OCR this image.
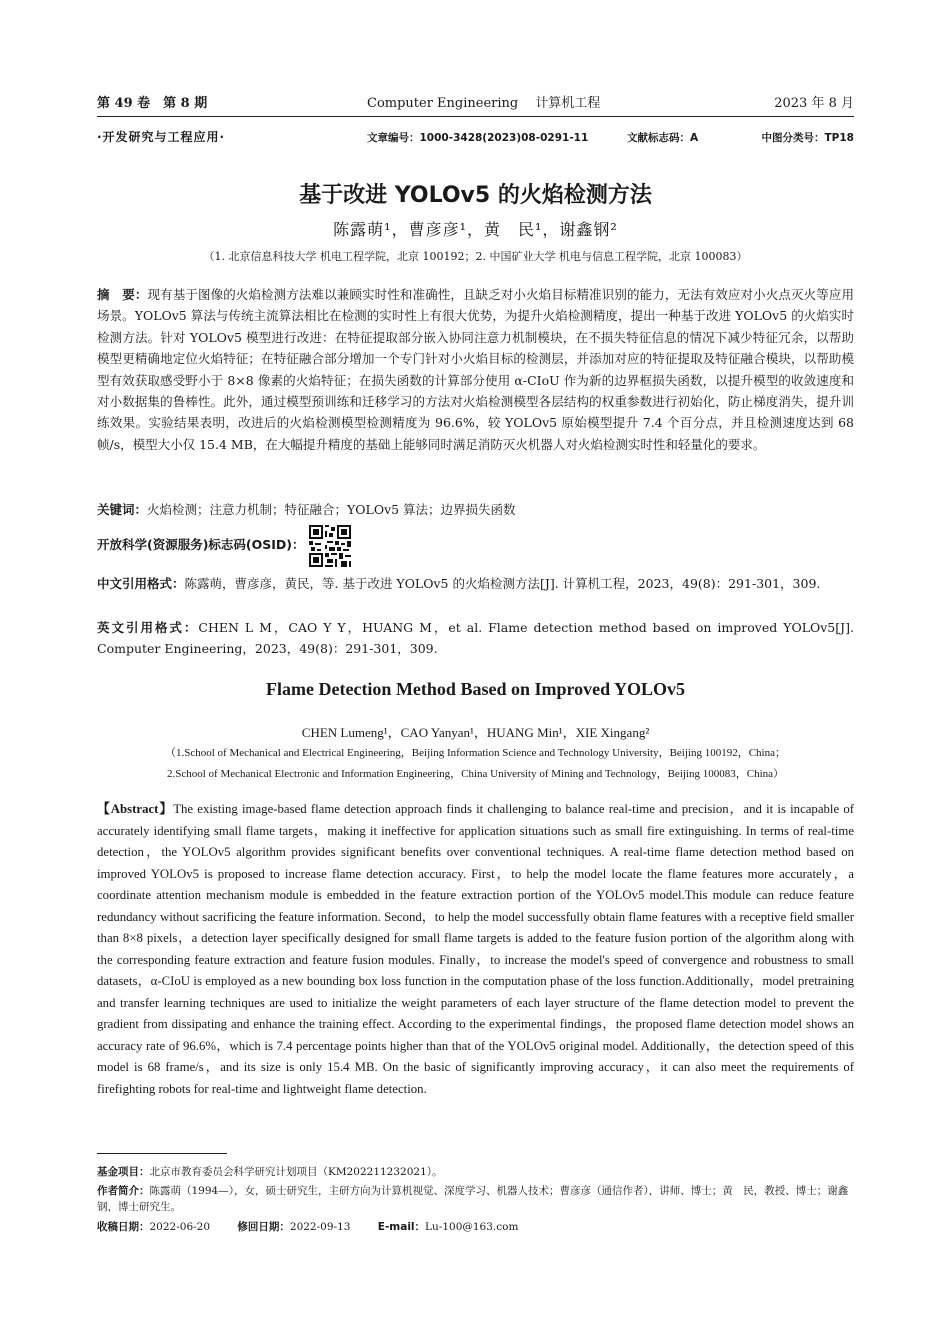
第 49 卷　第 8 期	Computer Engineering　 计算机工程	2023 年 8 月
·开发研究与工程应用·	文章编号：1000-3428(2023)08-0291-11	文献标志码：A	中图分类号：TP18
基于改进 YOLOv5 的火焰检测方法
陈露萌¹，曹彦彦¹，黄　民¹，谢鑫钢²
（1. 北京信息科技大学 机电工程学院，北京 100192；2. 中国矿业大学 机电与信息工程学院，北京 100083）
摘　要：现有基于图像的火焰检测方法难以兼顾实时性和准确性，且缺乏对小火焰目标精准识别的能力，无法有效应对小火点灭火等应用场景。YOLOv5 算法与传统主流算法相比在检测的实时性上有很大优势，为提升火焰检测精度，提出一种基于改进 YOLOv5 的火焰实时检测方法。针对 YOLOv5 模型进行改进：在特征提取部分嵌入协同注意力机制模块，在不损失特征信息的情况下减少特征冗余，以帮助模型更精确地定位火焰特征；在特征融合部分增加一个专门针对小火焰目标的检测层，并添加对应的特征提取及特征融合模块，以帮助模型有效获取感受野小于 8×8 像素的火焰特征；在损失函数的计算部分使用 α-CIoU 作为新的边界框损失函数，以提升模型的收敛速度和对小数据集的鲁棒性。此外，通过模型预训练和迁移学习的方法对火焰检测模型各层结构的权重参数进行初始化，防止梯度消失，提升训练效果。实验结果表明，改进后的火焰检测模型检测精度为 96.6%，较 YOLOv5 原始模型提升 7.4 个百分点，并且检测速度达到 68 帧/s，模型大小仅 15.4 MB，在大幅提升精度的基础上能够同时满足消防灭火机器人对火焰检测实时性和轻量化的要求。
关键词：火焰检测；注意力机制；特征融合；YOLOv5 算法；边界损失函数
开放科学(资源服务)标志码(OSID)：
中文引用格式：陈露萌，曹彦彦，黄民，等. 基于改进 YOLOv5 的火焰检测方法[J]. 计算机工程，2023，49(8)：291-301，309.
英文引用格式：CHEN L M，CAO Y Y，HUANG M，et al. Flame detection method based on improved YOLOv5[J]. Computer Engineering，2023，49(8)：291-301，309.
Flame Detection Method Based on Improved YOLOv5
CHEN Lumeng¹，CAO Yanyan¹，HUANG Min¹，XIE Xingang²
（1.School of Mechanical and Electrical Engineering，Beijing Information Science and Technology University，Beijing 100192，China；
2.School of Mechanical Electronic and Information Engineering，China University of Mining and Technology，Beijing 100083，China）
【Abstract】The existing image-based flame detection approach finds it challenging to balance real-time and precision，and it is incapable of accurately identifying small flame targets，making it ineffective for application situations such as small fire extinguishing. In terms of real-time detection，the YOLOv5 algorithm provides significant benefits over conventional techniques. A real-time flame detection method based on improved YOLOv5 is proposed to increase flame detection accuracy. First，to help the model locate the flame features more accurately，a coordinate attention mechanism module is embedded in the feature extraction portion of the YOLOv5 model.This module can reduce feature redundancy without sacrificing the feature information. Second，to help the model successfully obtain flame features with a receptive field smaller than 8×8 pixels，a detection layer specifically designed for small flame targets is added to the feature fusion portion of the algorithm along with the corresponding feature extraction and feature fusion modules. Finally，to increase the model's speed of convergence and robustness to small datasets，α-CIoU is employed as a new bounding box loss function in the computation phase of the loss function.Additionally，model pretraining and transfer learning techniques are used to initialize the weight parameters of each layer structure of the flame detection model to prevent the gradient from dissipating and enhance the training effect. According to the experimental findings，the proposed flame detection model shows an accuracy rate of 96.6%，which is 7.4 percentage points higher than that of the YOLOv5 original model. Additionally，the detection speed of this model is 68 frame/s，and its size is only 15.4 MB. On the basic of significantly improving accuracy，it can also meet the requirements of firefighting robots for real-time and lightweight flame detection.
基金项目：北京市教育委员会科学研究计划项目（KM202211232021）。
作者简介：陈露萌（1994—），女，硕士研究生，主研方向为计算机视觉、深度学习、机器人技术；曹彦彦（通信作者），讲师、博士；黄　民，教授、博士；谢鑫钢，博士研究生。
收稿日期：2022-06-20	修回日期：2022-09-13	E-mail：Lu-100@163.com
